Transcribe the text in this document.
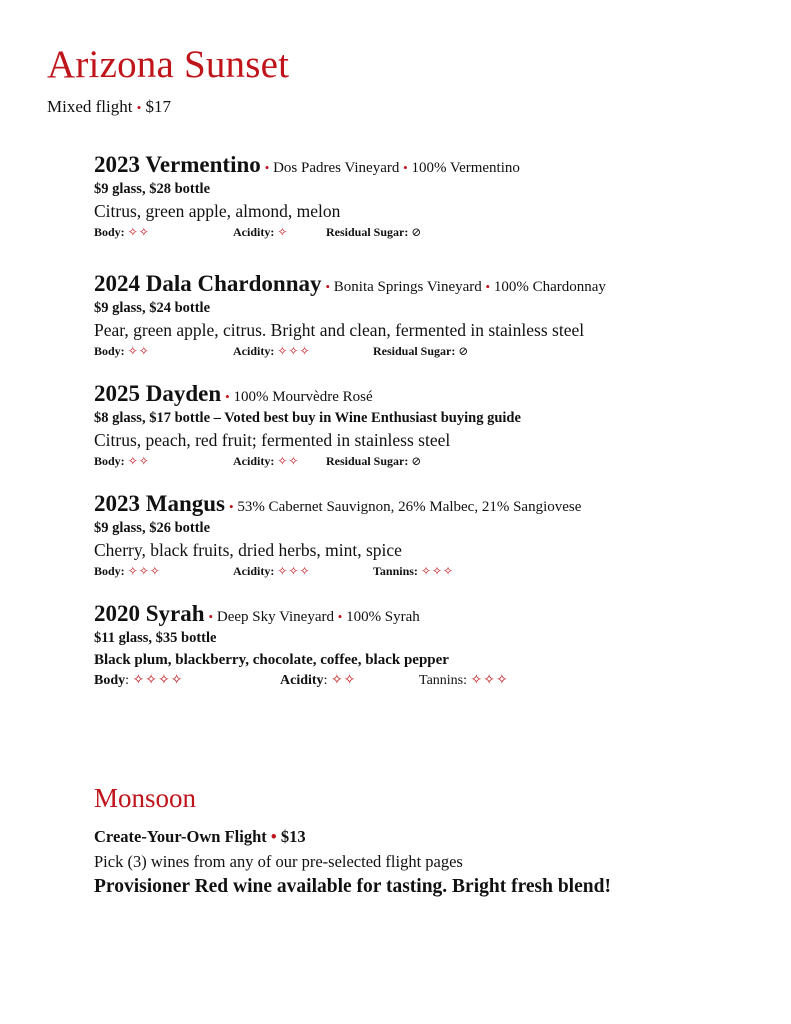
Arizona Sunset
Mixed flight • $17
2023 Vermentino • Dos Padres Vineyard • 100% Vermentino
$9 glass, $28 bottle
Citrus, green apple, almond, melon
Body: ✧✧	Acidity: ✧	Residual Sugar: ⊘
2024 Dala Chardonnay • Bonita Springs Vineyard • 100% Chardonnay
$9 glass, $24 bottle
Pear, green apple, citrus. Bright and clean, fermented in stainless steel
Body: ✧✧	Acidity: ✧✧✧	Residual Sugar: ⊘
2025 Dayden • 100% Mourvèdre Rosé
$8 glass, $17 bottle – Voted best buy in Wine Enthusiast buying guide
Citrus, peach, red fruit; fermented in stainless steel
Body: ✧✧	Acidity: ✧✧ Residual Sugar: ⊘
2023 Mangus • 53% Cabernet Sauvignon, 26% Malbec, 21% Sangiovese
$9 glass, $26 bottle
Cherry, black fruits, dried herbs, mint, spice
Body: ✧✧✧	Acidity: ✧✧✧	Tannins: ✧✧✧
2020 Syrah • Deep Sky Vineyard • 100% Syrah
$11 glass, $35 bottle
Black plum, blackberry, chocolate, coffee, black pepper
Body: ✧✧✧✧	Acidity: ✧✧	Tannins: ✧✧✧
Monsoon
Create-Your-Own Flight • $13
Pick (3) wines from any of our pre-selected flight pages
Provisioner Red wine available for tasting. Bright fresh blend!
